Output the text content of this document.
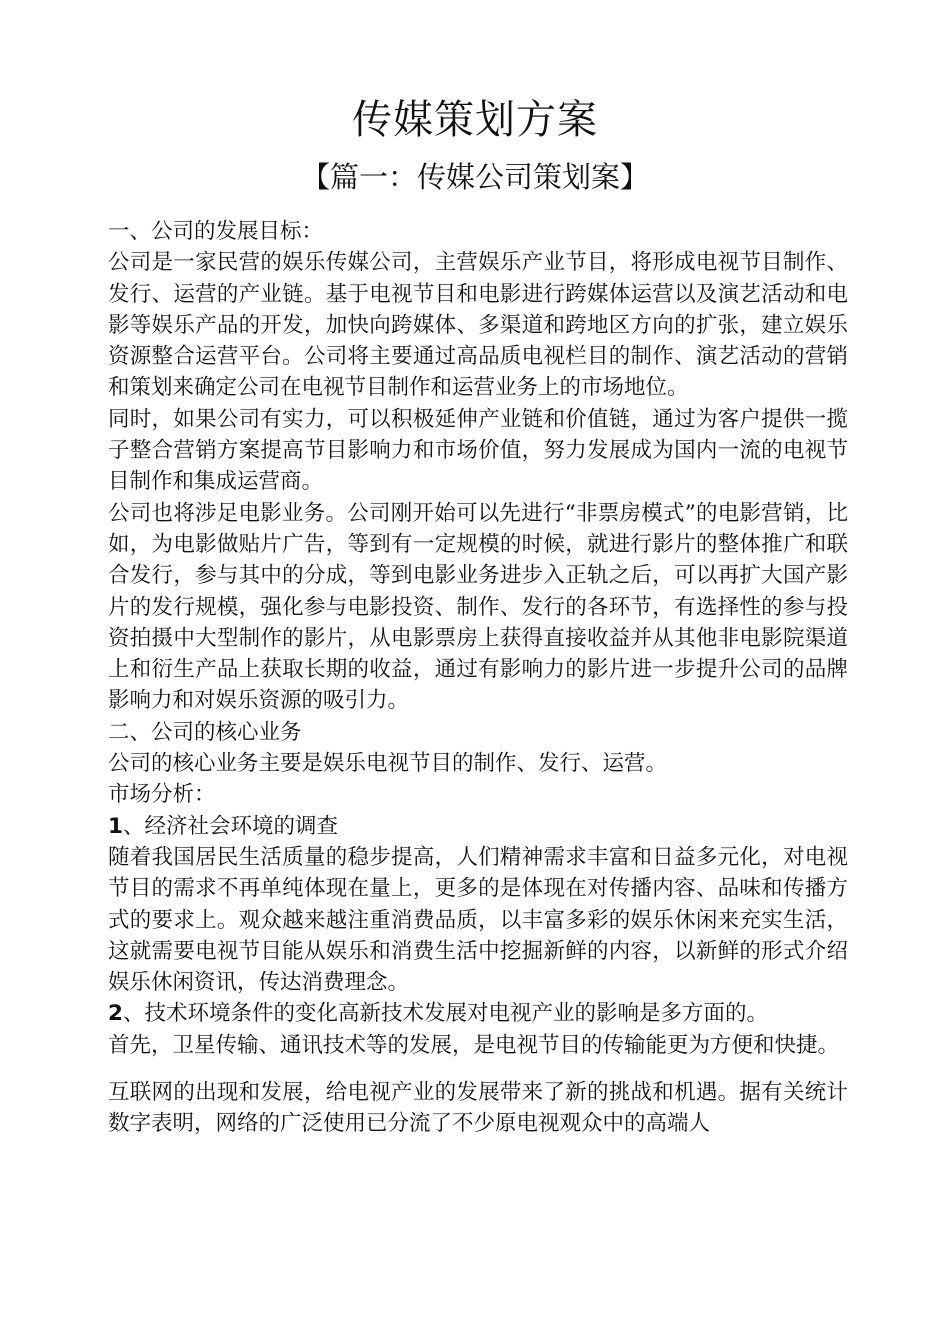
传媒策划方案
【篇一：传媒公司策划案】

一、公司的发展目标：

公司是一家民营的娱乐传媒公司，主营娱乐产业节目，将形成电视节目制作、发行、运营的产业链。基于电视节目和电影进行跨媒体运营以及演艺活动和电影等娱乐产品的开发，加快向跨媒体、多渠道和跨地区方向的扩张，建立娱乐资源整合运营平台。公司将主要通过高品质电视栏目的制作、演艺活动的营销和策划来确定公司在电视节目制作和运营业务上的市场地位。

同时，如果公司有实力，可以积极延伸产业链和价值链，通过为客户提供一揽子整合营销方案提高节目影响力和市场价值，努力发展成为国内一流的电视节目制作和集成运营商。

公司也将涉足电影业务。公司刚开始可以先进行“非票房模式”的电影营销，比如，为电影做贴片广告，等到有一定规模的时候，就进行影片的整体推广和联合发行，参与其中的分成，等到电影业务进步入正轨之后，可以再扩大国产影片的发行规模，强化参与电影投资、制作、发行的各环节，有选择性的参与投资拍摄中大型制作的影片，从电影票房上获得直接收益并从其他非电影院渠道上和衍生产品上获取长期的收益，通过有影响力的影片进一步提升公司的品牌影响力和对娱乐资源的吸引力。

二、公司的核心业务

公司的核心业务主要是娱乐电视节目的制作、发行、运营。

市场分析：

1、经济社会环境的调查

随着我国居民生活质量的稳步提高，人们精神需求丰富和日益多元化，对电视节目的需求不再单纯体现在量上，更多的是体现在对传播内容、品味和传播方式的要求上。观众越来越注重消费品质，以丰富多彩的娱乐休闲来充实生活，这就需要电视节目能从娱乐和消费生活中挖掘新鲜的内容，以新鲜的形式介绍娱乐休闲资讯，传达消费理念。

2、技术环境条件的变化高新技术发展对电视产业的影响是多方面的。

首先，卫星传输、通讯技术等的发展，是电视节目的传输能更为方便和快捷。

互联网的出现和发展，给电视产业的发展带来了新的挑战和机遇。据有关统计数字表明，网络的广泛使用已分流了不少原电视观众中的高端人
